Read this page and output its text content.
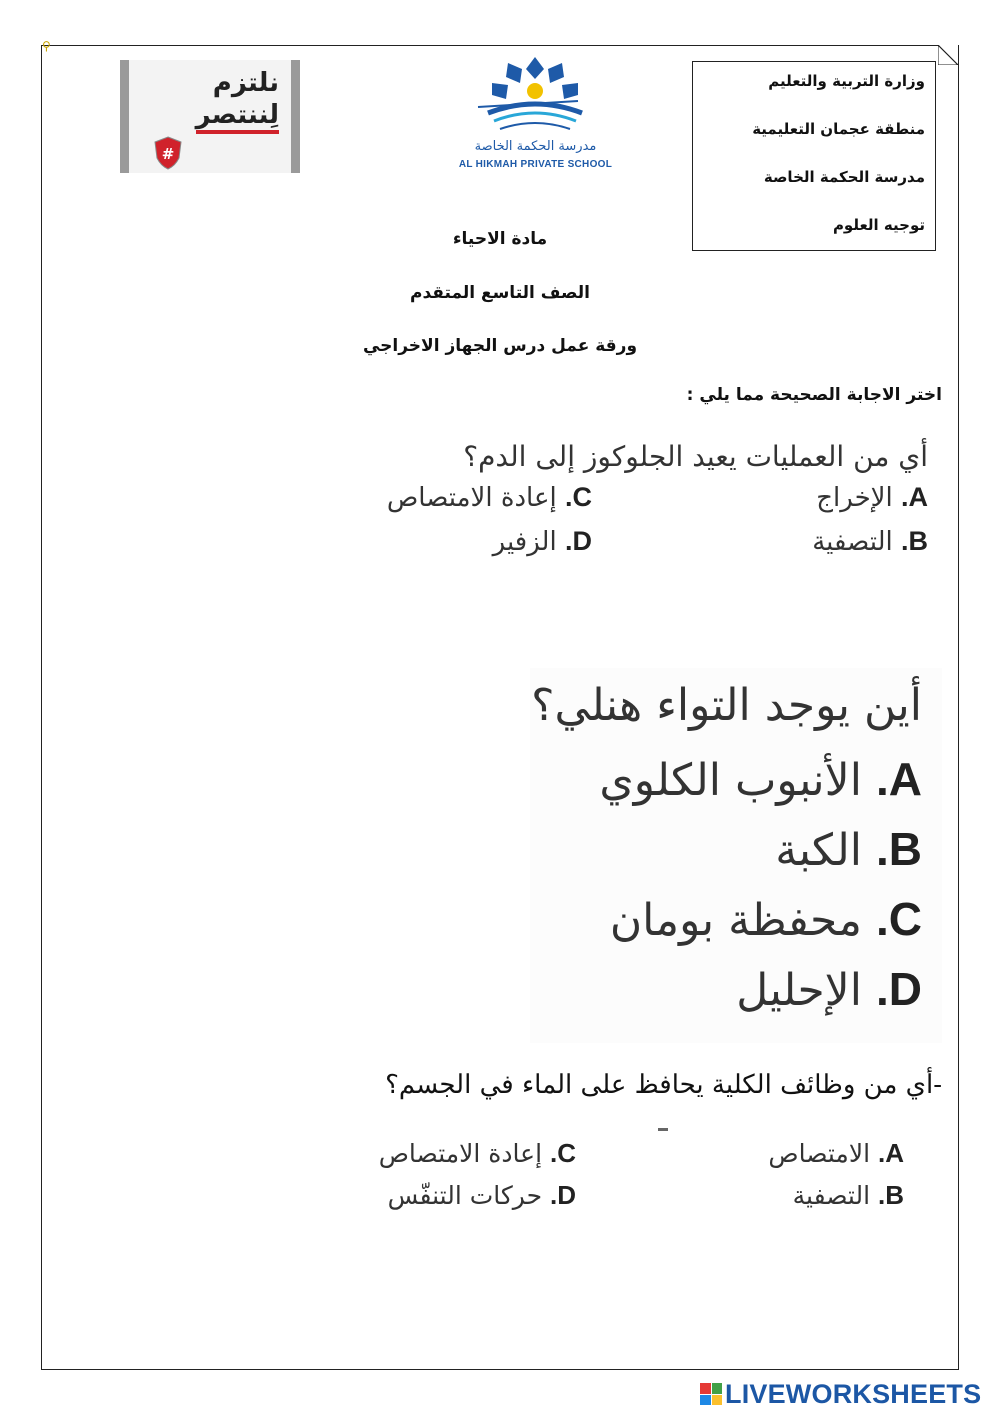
⚲
وزارة التربية والتعليم
منطقة عجمان التعليمية
مدرسة الحكمة الخاصة
توجيه العلوم
مدرسة الحكمة الخاصة
AL HIKMAH PRIVATE SCHOOL
نلتزم
لِننتصر
#
مادة الاحياء
الصف التاسع المتقدم
ورقة عمل درس الجهاز الاخراجي
اختر الاجابة الصحيحة مما يلي :
أي من العمليات يعيد الجلوكوز إلى الدم؟
A. الإخراج
B. التصفية
C. إعادة الامتصاص
D. الزفير
أين يوجد التواء هنلي؟
A. الأنبوب الكلوي
B. الكبة
C. محفظة بومان
D. الإحليل
-أي من وظائف الكلية يحافظ على الماء في الجسم؟
A. الامتصاص
B. التصفية
C. إعادة الامتصاص
D. حركات التنفّس
LIVEWORKSHEETS
